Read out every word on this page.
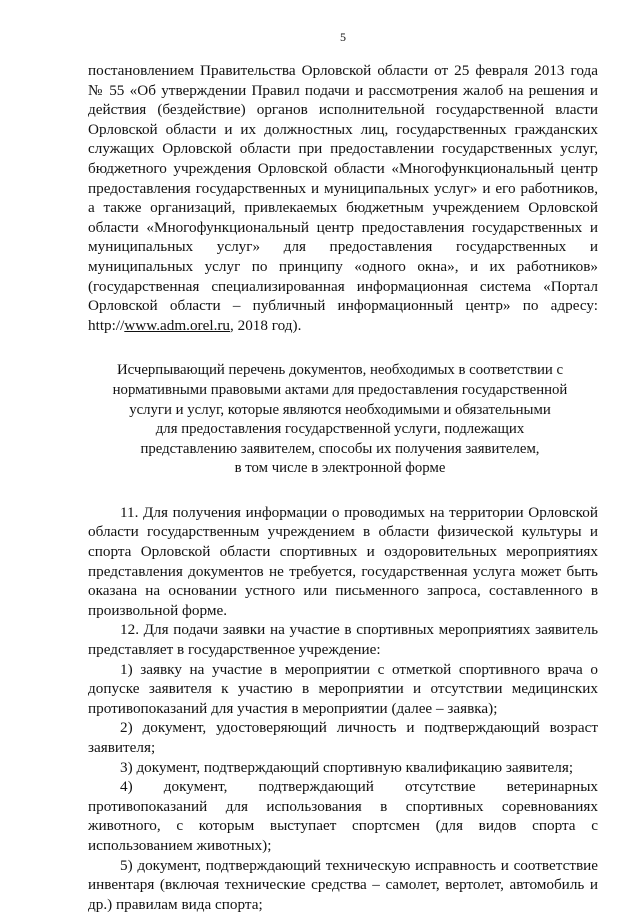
5

постановлением Правительства Орловской области от 25 февраля 2013 года № 55 «Об утверждении Правил подачи и рассмотрения жалоб на решения и действия (бездействие) органов исполнительной государственной власти Орловской области и их должностных лиц, государственных гражданских служащих Орловской области при предоставлении государственных услуг, бюджетного учреждения Орловской области «Многофункциональный центр предоставления государственных и муниципальных услуг» и его работников, а также организаций, привлекаемых бюджетным учреждением Орловской области «Многофункциональный центр предоставления государственных и муниципальных услуг» для предоставления государственных и муниципальных услуг по принципу «одного окна», и их работников» (государственная специализированная информационная система «Портал Орловской области – публичный информационный центр» по адресу: http://www.adm.orel.ru, 2018 год).

Исчерпывающий перечень документов, необходимых в соответствии с
нормативными правовыми актами для предоставления государственной
услуги и услуг, которые являются необходимыми и обязательными
для предоставления государственной услуги, подлежащих
представлению заявителем, способы их получения заявителем,
в том числе в электронной форме

11. Для получения информации о проводимых на территории Орловской области государственным учреждением в области физической культуры и спорта Орловской области спортивных и оздоровительных мероприятиях представления документов не требуется, государственная услуга может быть оказана на основании устного или письменного запроса, составленного в произвольной форме.

12. Для подачи заявки на участие в спортивных мероприятиях заявитель представляет в государственное учреждение:

1) заявку на участие в мероприятии с отметкой спортивного врача о допуске заявителя к участию в мероприятии и отсутствии медицинских противопоказаний для участия в мероприятии (далее – заявка);

2) документ, удостоверяющий личность и подтверждающий возраст заявителя;

3) документ, подтверждающий спортивную квалификацию заявителя;

4) документ, подтверждающий отсутствие ветеринарных противопоказаний для использования в спортивных соревнованиях животного, с которым выступает спортсмен (для видов спорта с использованием животных);

5) документ, подтверждающий техническую исправность и соответствие инвентаря (включая технические средства – самолет, вертолет, автомобиль и др.) правилам вида спорта;
